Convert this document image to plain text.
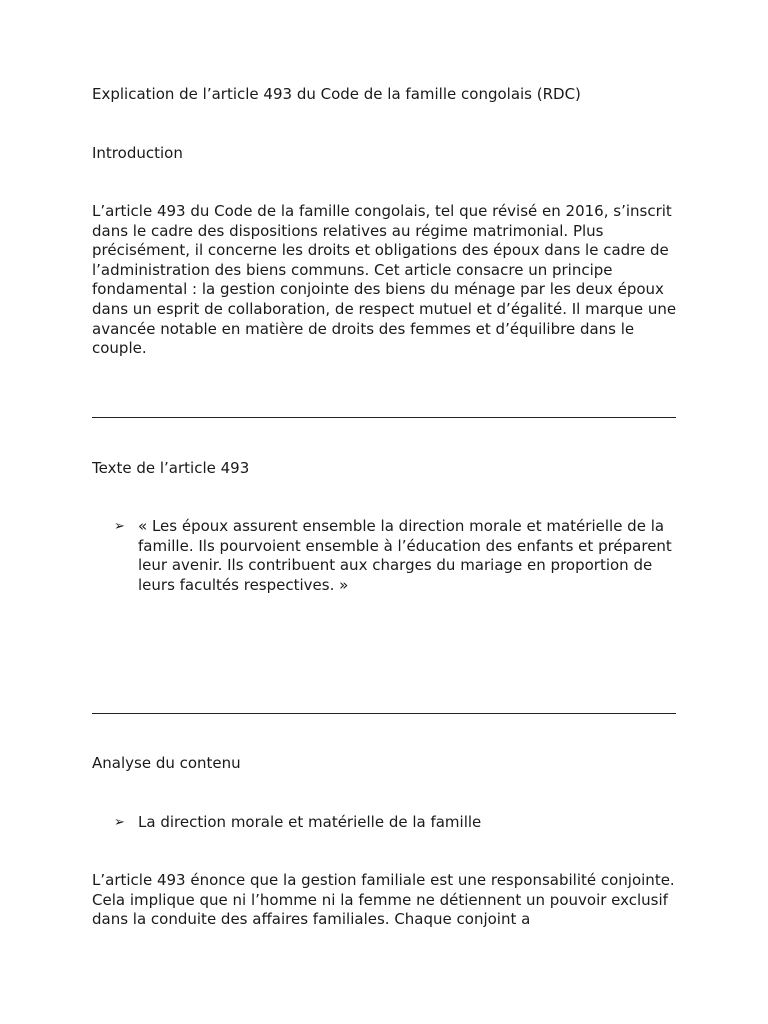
Explication de l’article 493 du Code de la famille congolais (RDC)
Introduction

L’article 493 du Code de la famille congolais, tel que révisé en 2016, s’inscrit dans le cadre des dispositions relatives au régime matrimonial. Plus précisément, il concerne les droits et obligations des époux dans le cadre de l’administration des biens communs. Cet article consacre un principe fondamental : la gestion conjointe des biens du ménage par les deux époux dans un esprit de collaboration, de respect mutuel et d’égalité. Il marque une avancée notable en matière de droits des femmes et d’équilibre dans le couple.

Texte de l’article 493
➢ « Les époux assurent ensemble la direction morale et matérielle de la famille. Ils pourvoient ensemble à l’éducation des enfants et préparent leur avenir. Ils contribuent aux charges du mariage en proportion de leurs facultés respectives. »
Analyse du contenu
➢ La direction morale et matérielle de la famille

L’article 493 énonce que la gestion familiale est une responsabilité conjointe. Cela implique que ni l’homme ni la femme ne détiennent un pouvoir exclusif dans la conduite des affaires familiales. Chaque conjoint a
